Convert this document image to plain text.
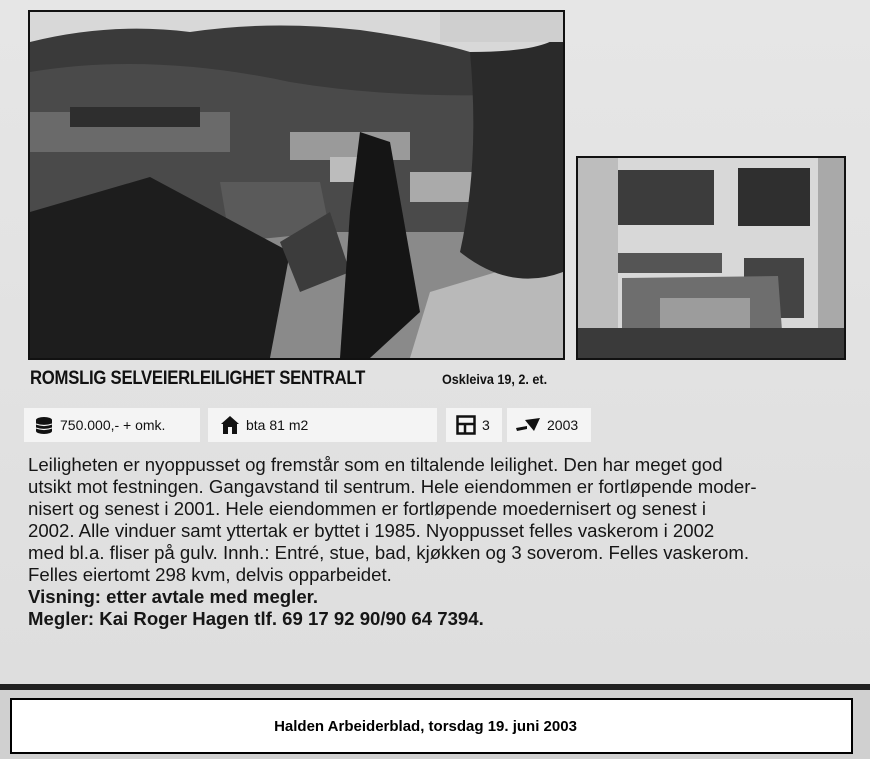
ROMSLIG SELVEIERLEILIGHET SENTRALT	Oskleiva 19, 2. et.
750.000,- + omk.	bta 81 m2	3	2003
Leiligheten er nyoppusset og fremstår som en tiltalende leilighet. Den har meget god
utsikt mot festningen. Gangavstand til sentrum. Hele eiendommen er fortløpende moder-
nisert og senest i 2001. Hele eiendommen er fortløpende moedernisert og senest i
2002. Alle vinduer samt yttertak er byttet i 1985. Nyoppusset felles vaskerom i 2002
med bl.a. fliser på gulv. Innh.: Entré, stue, bad, kjøkken og 3 soverom. Felles vaskerom.
Felles eiertomt 298 kvm, delvis opparbeidet.
Visning: etter avtale med megler.
Megler: Kai Roger Hagen tlf. 69 17 92 90/90 64 7394.
Halden Arbeiderblad, torsdag 19. juni 2003
